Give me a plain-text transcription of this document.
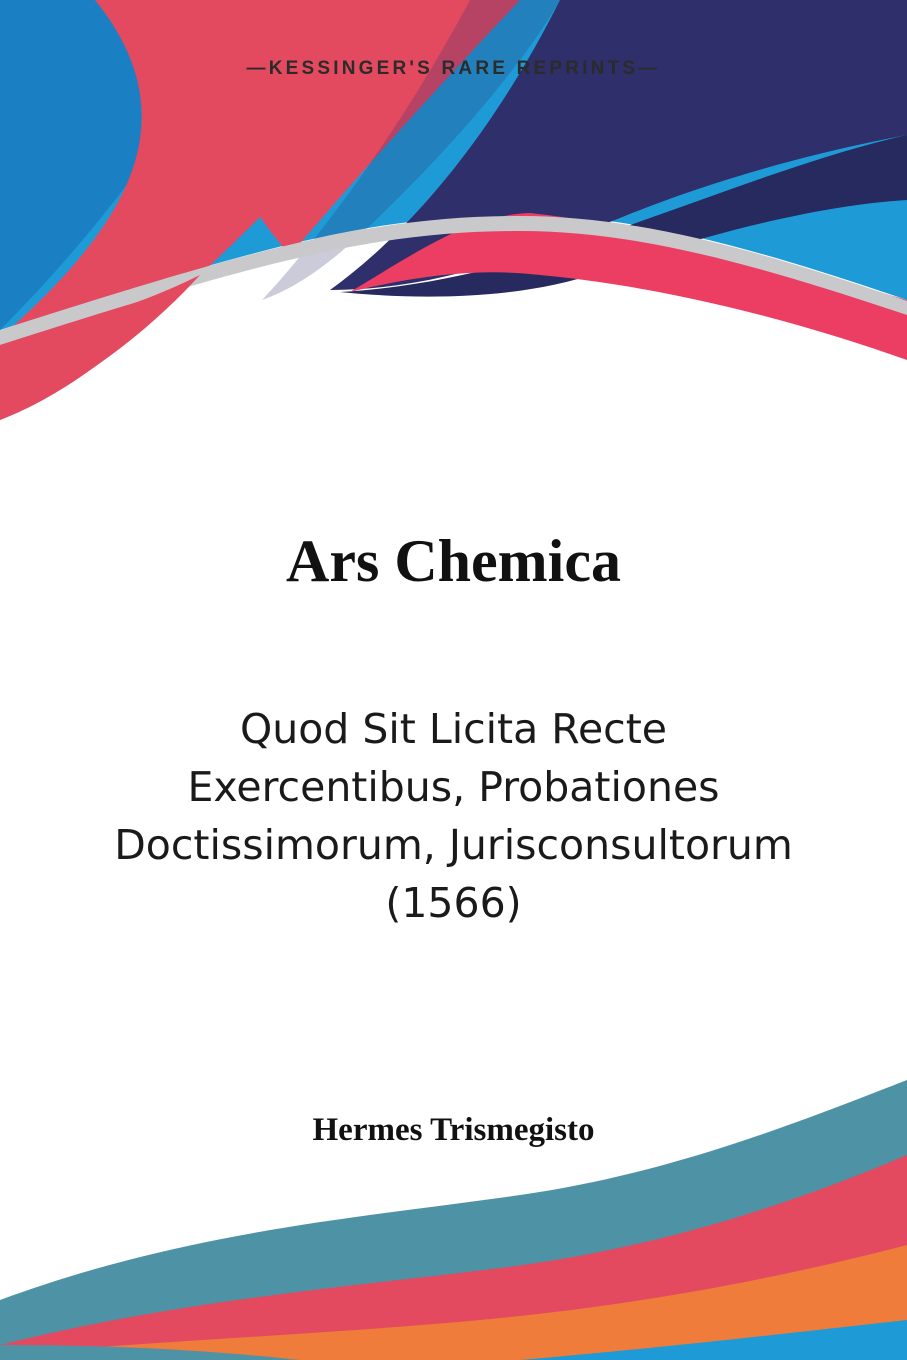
—KESSINGER'S RARE REPRINTS—
Ars Chemica
Quod Sit Licita Recte Exercentibus, Probationes Doctissimorum, Jurisconsultorum (1566)
Hermes Trismegisto
